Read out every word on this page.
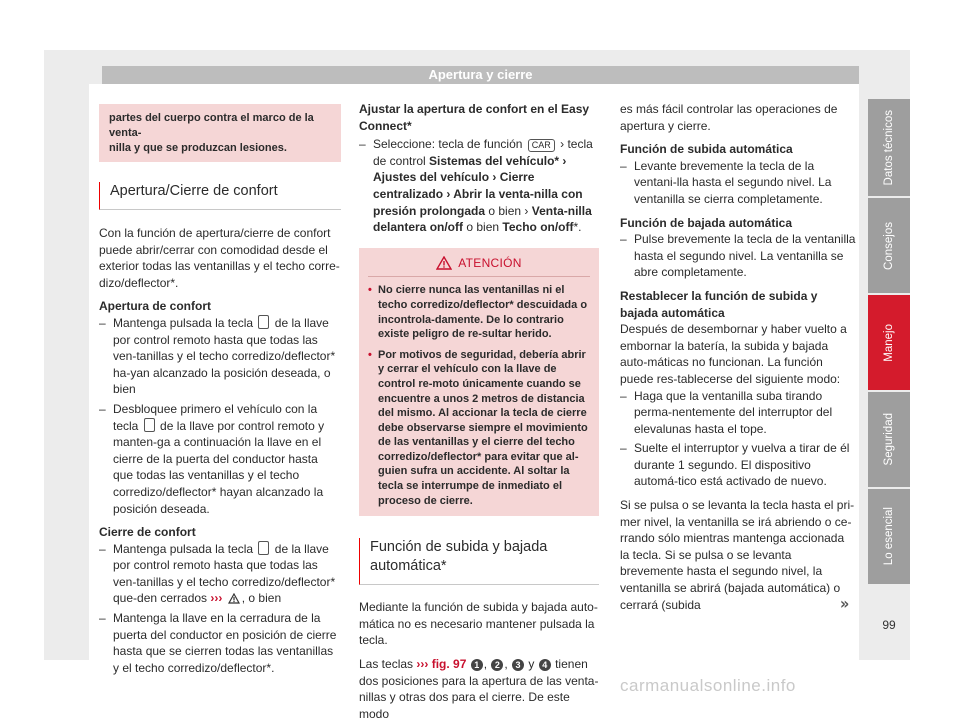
Apertura y cierre
partes del cuerpo contra el marco de la venta-
nilla y que se produzcan lesiones.

Apertura/Cierre de confort

Con la función de apertura/cierre de confort puede abrir/cerrar con comodidad desde el exterior todas las ventanillas y el techo corre-dizo/deflector*.

Apertura de confort

– Mantenga pulsada la tecla de la llave por control remoto hasta que todas las ven-tanillas y el techo corredizo/deflector* ha-yan alcanzado la posición deseada, o bien
– Desbloquee primero el vehículo con la tecla de la llave por control remoto y manten-ga a continuación la llave en el cierre de la puerta del conductor hasta que todas las ventanillas y el techo corredizo/deflector* hayan alcanzado la posición deseada.

Cierre de confort

– Mantenga pulsada la tecla de la llave por control remoto hasta que todas las ven-tanillas y el techo corredizo/deflector* que-den cerrados ››› , o bien
– Mantenga la llave en la cerradura de la puerta del conductor en posición de cierre hasta que se cierren todas las ventanillas y el techo corredizo/deflector*.

Ajustar la apertura de confort en el Easy Connect*

– Seleccione: tecla de función CAR › tecla de control Sistemas del vehículo* › Ajustes del vehículo › Cierre centralizado › Abrir la venta-nilla con presión prolongada o bien › Venta-nilla delantera on/off o bien Techo on/off*.
ATENCIÓN
• No cierre nunca las ventanillas ni el techo corredizo/deflector* descuidada o incontrola-damente. De lo contrario existe peligro de re-sultar herido.
• Por motivos de seguridad, debería abrir y cerrar el vehículo con la llave de control re-moto únicamente cuando se encuentre a unos 2 metros de distancia del mismo. Al accionar la tecla de cierre debe observarse siempre el movimiento de las ventanillas y el cierre del techo corredizo/deflector* para evitar que al-guien sufra un accidente. Al soltar la tecla se interrumpe de inmediato el proceso de cierre.

Función de subida y bajada automática*

Mediante la función de subida y bajada auto-mática no es necesario mantener pulsada la tecla.

Las teclas ››› fig. 97 1 , 2 , 3 y 4 tienen dos posiciones para la apertura de las venta-nillas y otras dos para el cierre. De este modo

es más fácil controlar las operaciones de apertura y cierre.

Función de subida automática

– Levante brevemente la tecla de la ventani-lla hasta el segundo nivel. La ventanilla se cierra completamente.

Función de bajada automática

– Pulse brevemente la tecla de la ventanilla hasta el segundo nivel. La ventanilla se abre completamente.

Restablecer la función de subida y bajada automática

Después de desembornar y haber vuelto a embornar la batería, la subida y bajada auto-máticas no funcionan. La función puede res-tablecerse del siguiente modo:

– Haga que la ventanilla suba tirando perma-nentemente del interruptor del elevalunas hasta el tope.
– Suelte el interruptor y vuelva a tirar de él durante 1 segundo. El dispositivo automá-tico está activado de nuevo.

Si se pulsa o se levanta la tecla hasta el pri-mer nivel, la ventanilla se irá abriendo o ce-rrando sólo mientras mantenga accionada la tecla. Si se pulsa o se levanta brevemente hasta el segundo nivel, la ventanilla se abrirá (bajada automática) o cerrará (subida	»
Datos técnicos
Consejos
Manejo
Seguridad
Lo esencial
99
carmanualsonline.info
